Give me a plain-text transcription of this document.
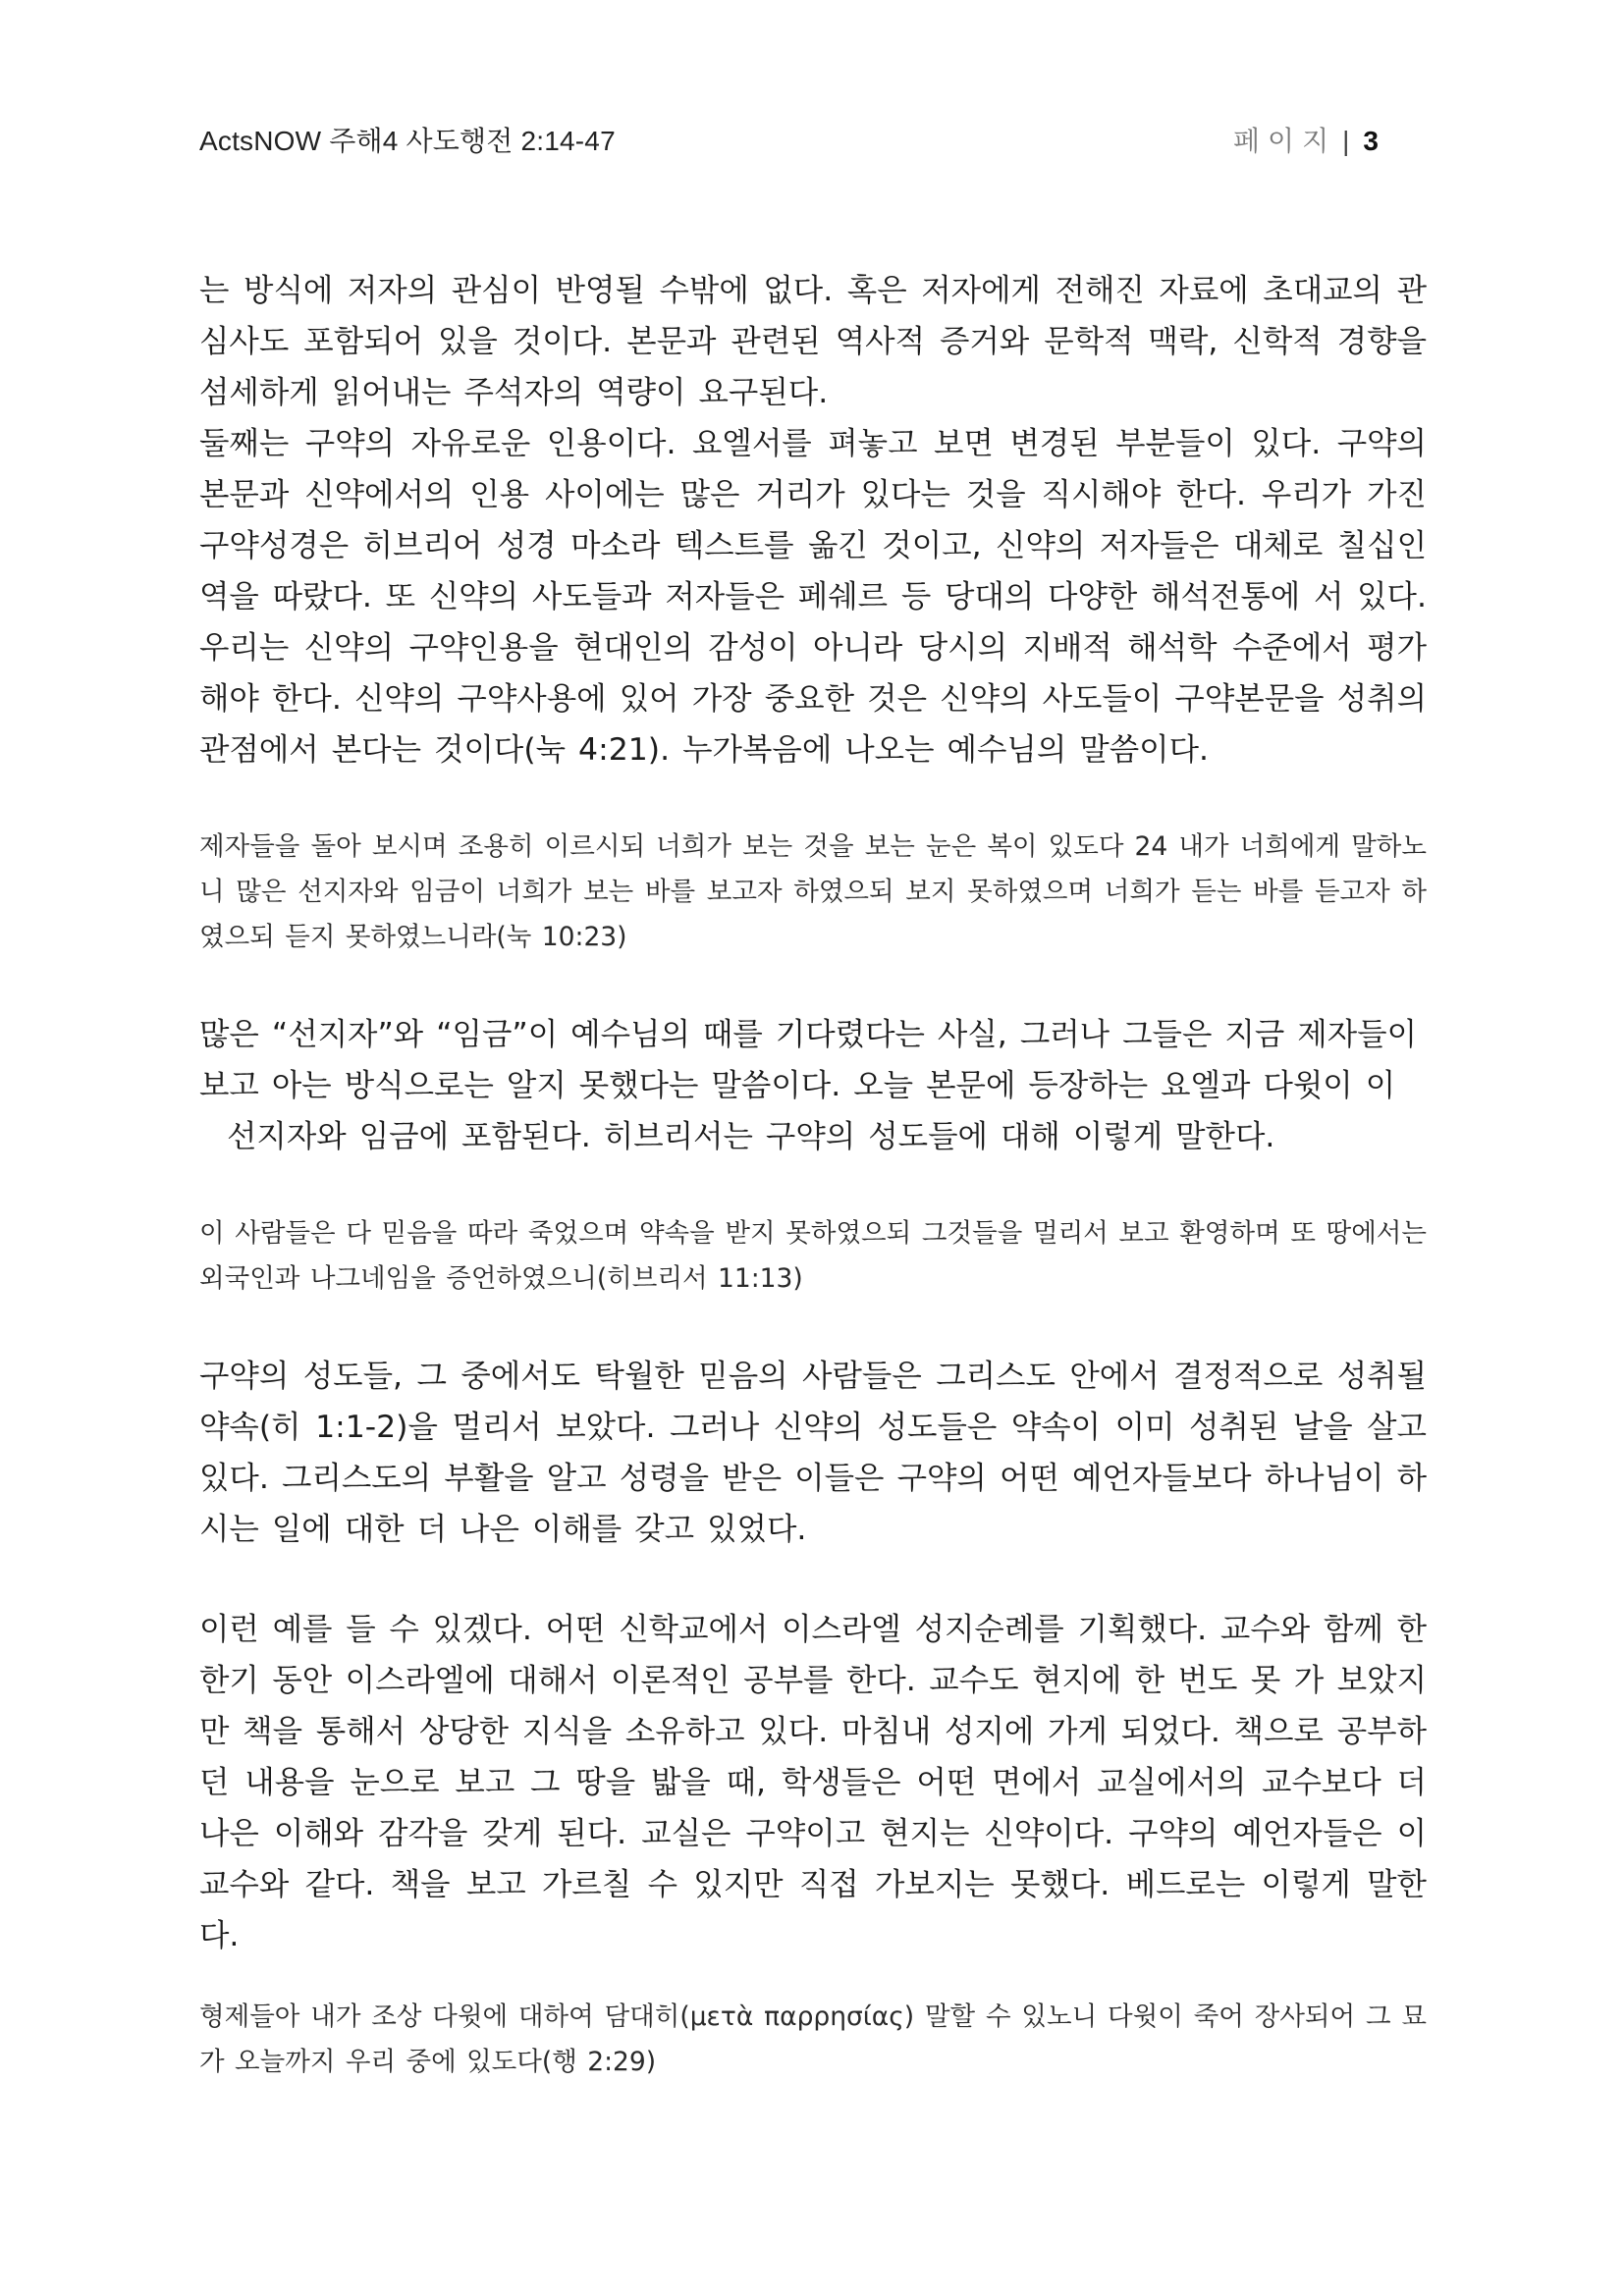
ActsNOW 주해4 사도행전 2:14-47	페이지 | 3

는 방식에 저자의 관심이 반영될 수밖에 없다. 혹은 저자에게 전해진 자료에 초대교의 관심사도 포함되어 있을 것이다. 본문과 관련된 역사적 증거와 문학적 맥락, 신학적 경향을 섬세하게 읽어내는 주석자의 역량이 요구된다.

둘째는 구약의 자유로운 인용이다. 요엘서를 펴놓고 보면 변경된 부분들이 있다. 구약의 본문과 신약에서의 인용 사이에는 많은 거리가 있다는 것을 직시해야 한다. 우리가 가진 구약성경은 히브리어 성경 마소라 텍스트를 옮긴 것이고, 신약의 저자들은 대체로 칠십인역을 따랐다. 또 신약의 사도들과 저자들은 페쉐르 등 당대의 다양한 해석전통에 서 있다. 우리는 신약의 구약인용을 현대인의 감성이 아니라 당시의 지배적 해석학 수준에서 평가해야 한다. 신약의 구약사용에 있어 가장 중요한 것은 신약의 사도들이 구약본문을 성취의 관점에서 본다는 것이다(눅 4:21). 누가복음에 나오는 예수님의 말씀이다.

제자들을 돌아 보시며 조용히 이르시되 너희가 보는 것을 보는 눈은 복이 있도다 24 내가 너희에게 말하노니 많은 선지자와 임금이 너희가 보는 바를 보고자 하였으되 보지 못하였으며 너희가 듣는 바를 듣고자 하였으되 듣지 못하였느니라(눅 10:23)

많은 “선지자”와 “임금”이 예수님의 때를 기다렸다는 사실, 그러나 그들은 지금 제자들이

보고 아는 방식으로는 알지 못했다는 말씀이다. 오늘 본문에 등장하는 요엘과 다윗이 이

선지자와 임금에 포함된다. 히브리서는 구약의 성도들에 대해 이렇게 말한다.

이 사람들은 다 믿음을 따라 죽었으며 약속을 받지 못하였으되 그것들을 멀리서 보고 환영하며 또 땅에서는 외국인과 나그네임을 증언하였으니(히브리서 11:13)

구약의 성도들, 그 중에서도 탁월한 믿음의 사람들은 그리스도 안에서 결정적으로 성취될 약속(히 1:1-2)을 멀리서 보았다. 그러나 신약의 성도들은 약속이 이미 성취된 날을 살고 있다. 그리스도의 부활을 알고 성령을 받은 이들은 구약의 어떤 예언자들보다 하나님이 하시는 일에 대한 더 나은 이해를 갖고 있었다.

이런 예를 들 수 있겠다. 어떤 신학교에서 이스라엘 성지순례를 기획했다. 교수와 함께 한 한기 동안 이스라엘에 대해서 이론적인 공부를 한다. 교수도 현지에 한 번도 못 가 보았지만 책을 통해서 상당한 지식을 소유하고 있다. 마침내 성지에 가게 되었다. 책으로 공부하던 내용을 눈으로 보고 그 땅을 밟을 때, 학생들은 어떤 면에서 교실에서의 교수보다 더 나은 이해와 감각을 갖게 된다. 교실은 구약이고 현지는 신약이다. 구약의 예언자들은 이 교수와 같다. 책을 보고 가르칠 수 있지만 직접 가보지는 못했다. 베드로는 이렇게 말한다.

형제들아 내가 조상 다윗에 대하여 담대히(μετὰ παρρησίας) 말할 수 있노니 다윗이 죽어 장사되어 그 묘가 오늘까지 우리 중에 있도다(행 2:29)
